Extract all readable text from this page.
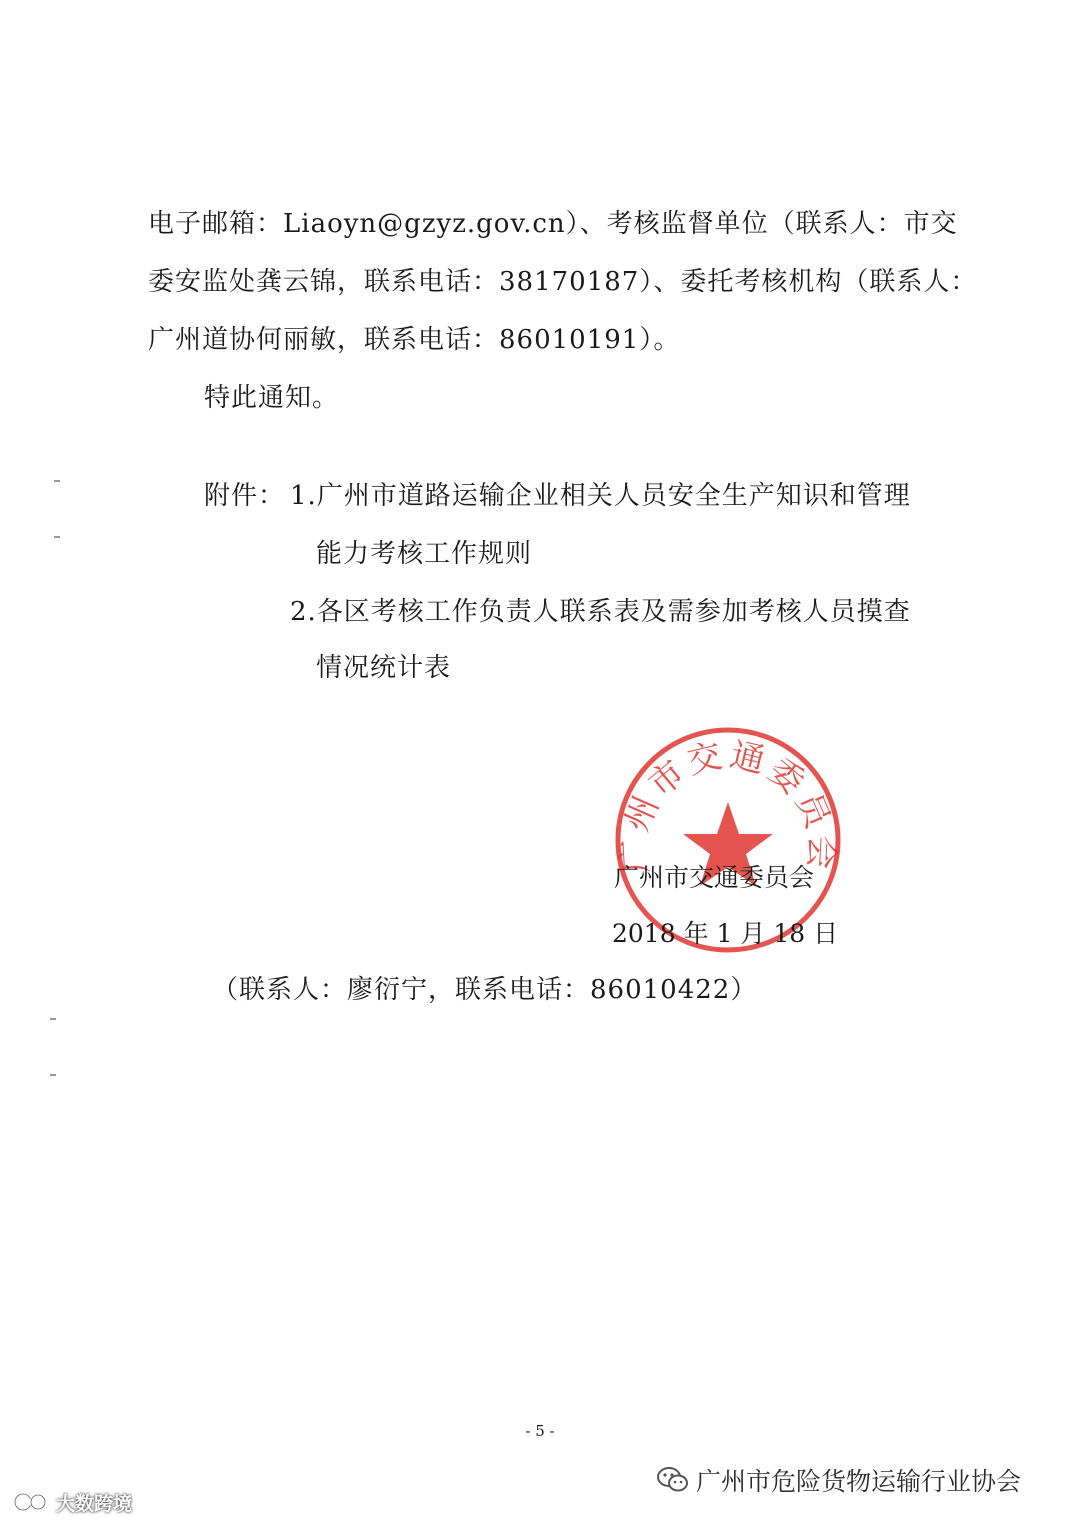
电子邮箱：Liaoyn@gzyz.gov.cn）、考核监督单位（联系人：市交
委安监处龚云锦，联系电话：38170187）、委托考核机构（联系人：
广州道协何丽敏，联系电话：86010191）。
特此通知。
附件： 1.广州市道路运输企业相关人员安全生产知识和管理
能力考核工作规则
2.各区考核工作负责人联系表及需参加考核人员摸查
情况统计表
广州市交通委员会
广州市交通委员会
2018 年 1 月 18 日
（联系人：廖衍宁，联系电话：86010422）
- 5 -
广州市危险货物运输行业协会
大数跨境
